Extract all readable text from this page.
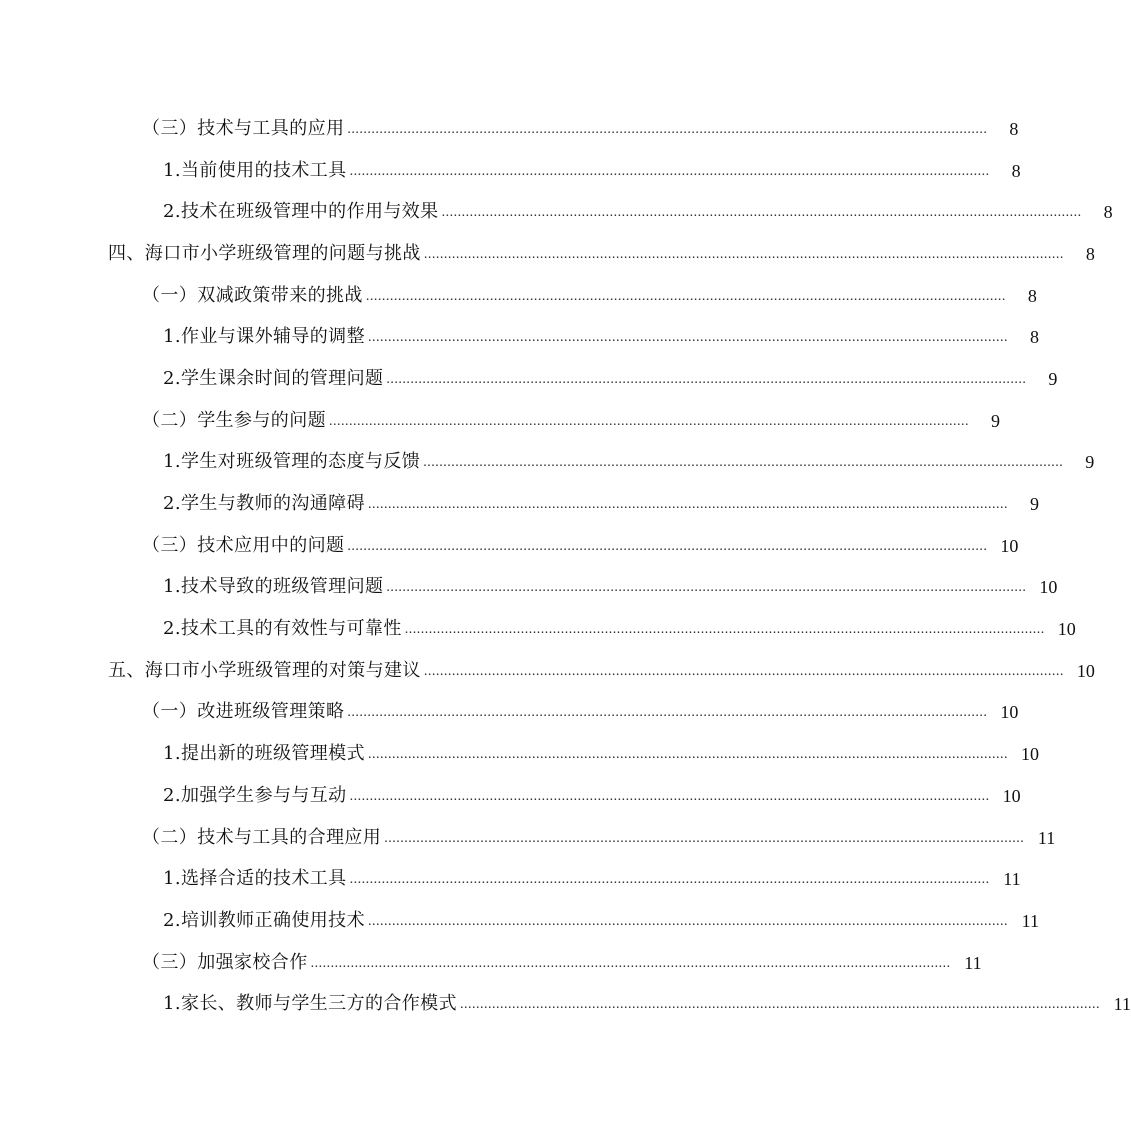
（三）技术与工具的应用 ................................................................................................................................................................	8
1.当前使用的技术工具 ................................................................................................................................................................	8
2.技术在班级管理中的作用与效果 ................................................................................................................................................................	8
四、海口市小学班级管理的问题与挑战 ................................................................................................................................................................	8
（一）双减政策带来的挑战 ................................................................................................................................................................	8
1.作业与课外辅导的调整 ................................................................................................................................................................	8
2.学生课余时间的管理问题 ................................................................................................................................................................	9
（二）学生参与的问题 ................................................................................................................................................................	9
1.学生对班级管理的态度与反馈 ................................................................................................................................................................	9
2.学生与教师的沟通障碍 ................................................................................................................................................................	9
（三）技术应用中的问题 ................................................................................................................................................................ 10
1.技术导致的班级管理问题 ................................................................................................................................................................ 10
2.技术工具的有效性与可靠性 ................................................................................................................................................................ 10
五、海口市小学班级管理的对策与建议 ................................................................................................................................................................ 10
（一）改进班级管理策略 ................................................................................................................................................................ 10
1.提出新的班级管理模式 ................................................................................................................................................................ 10
2.加强学生参与与互动 ................................................................................................................................................................ 10
（二）技术与工具的合理应用 ................................................................................................................................................................ 11
1.选择合适的技术工具 ................................................................................................................................................................ 11
2.培训教师正确使用技术 ................................................................................................................................................................ 11
（三）加强家校合作 ................................................................................................................................................................ 11
1.家长、教师与学生三方的合作模式 ................................................................................................................................................................ 11
